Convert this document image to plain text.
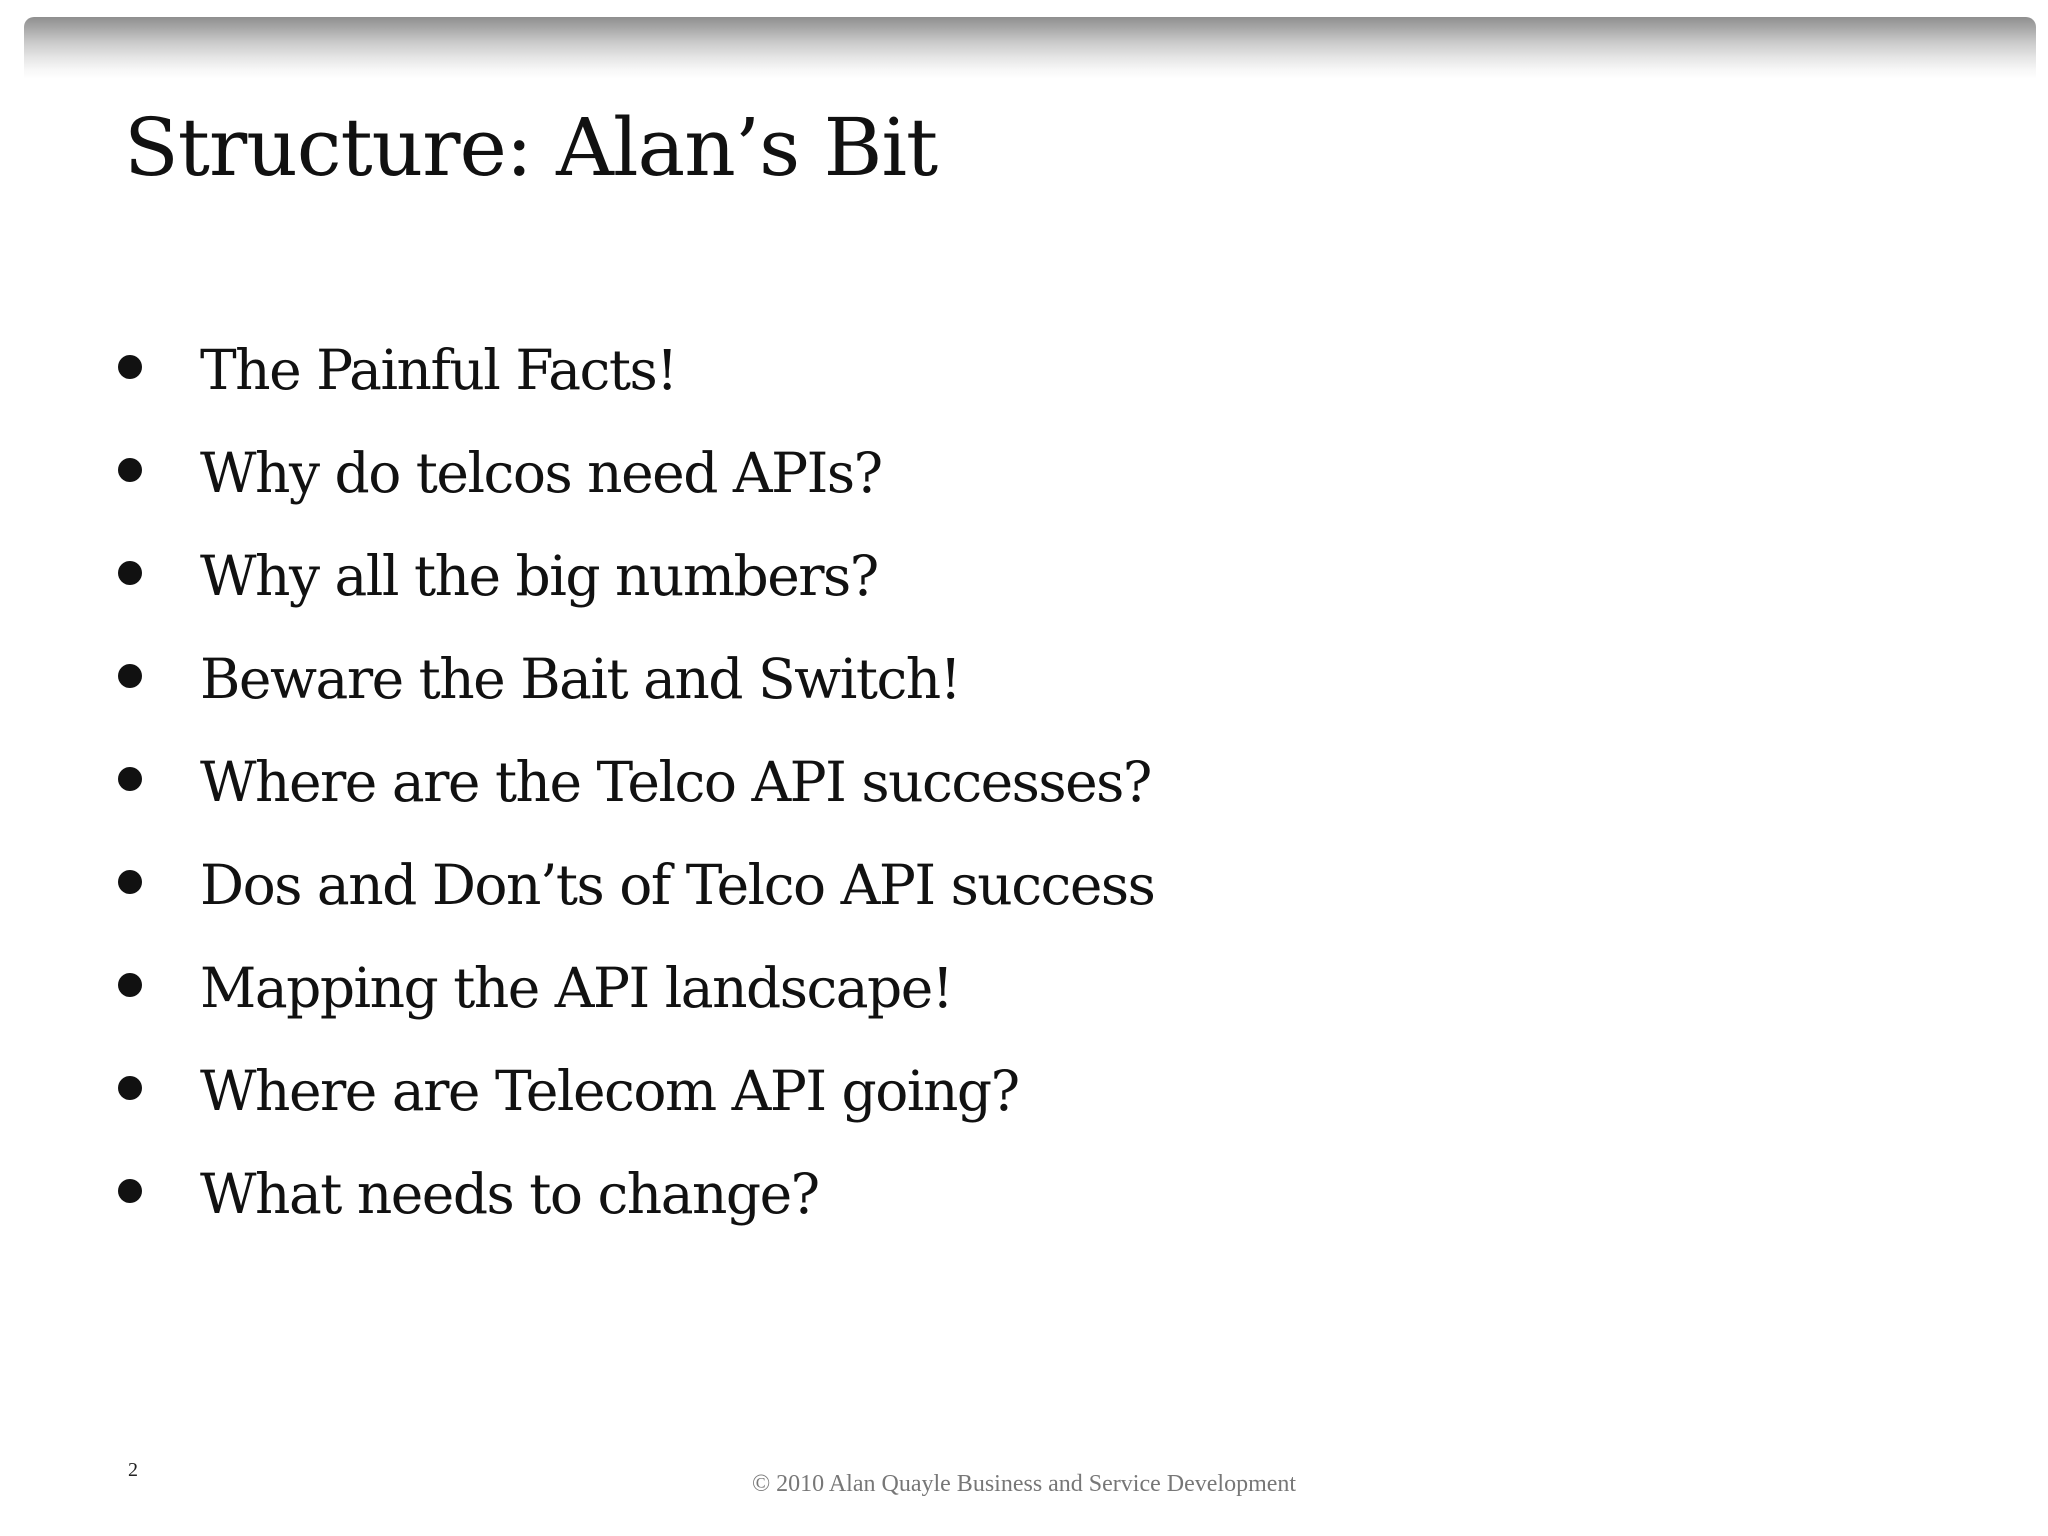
Structure: Alan’s Bit
The Painful Facts!
Why do telcos need APIs?
Why all the big numbers?
Beware the Bait and Switch!
Where are the Telco API successes?
Dos and Don’ts of Telco API success
Mapping the API landscape!
Where are Telecom API going?
What needs to change?
2
© 2010 Alan Quayle Business and Service Development
